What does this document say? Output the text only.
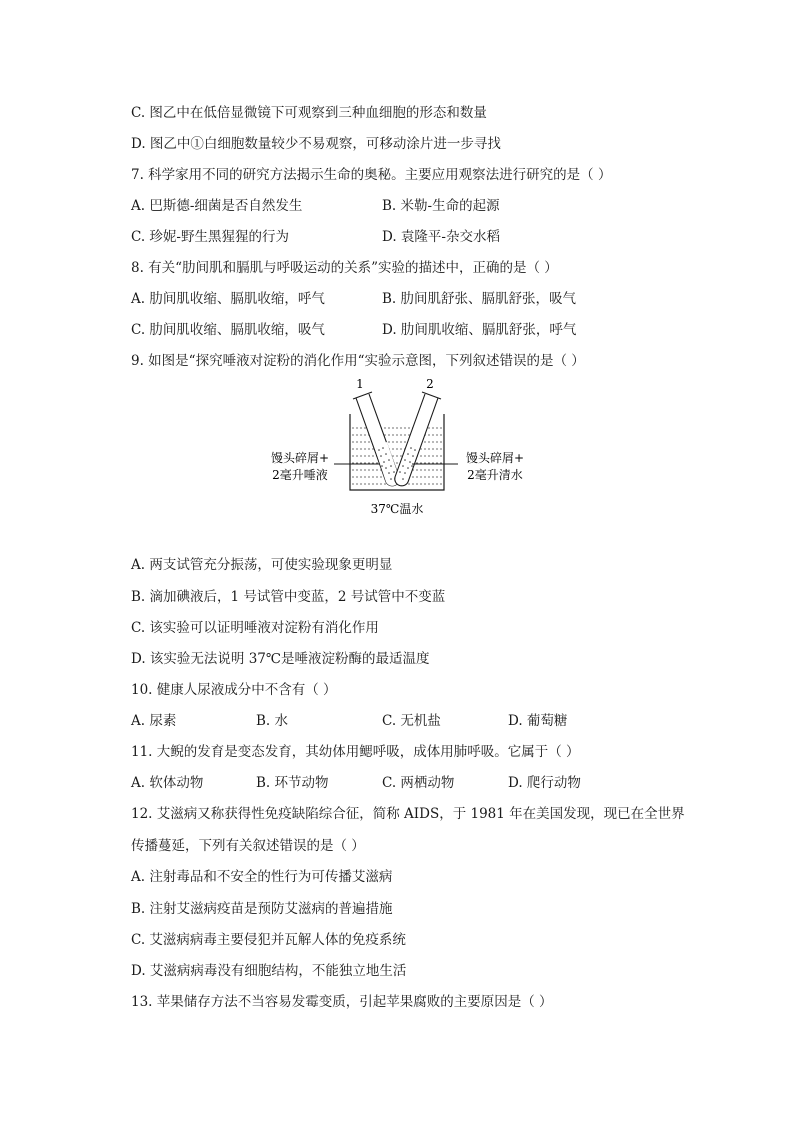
C. 图乙中在低倍显微镜下可观察到三种血细胞的形态和数量
D. 图乙中①白细胞数量较少不易观察，可移动涂片进一步寻找
7. 科学家用不同的研究方法揭示生命的奥秘。主要应用观察法进行研究的是（ ）
A. 巴斯德-细菌是否自然发生	B. 米勒-生命的起源
C. 珍妮-野生黑猩猩的行为	D. 袁隆平-杂交水稻
8. 有关“肋间肌和膈肌与呼吸运动的关系”实验的描述中，正确的是（ ）
A. 肋间肌收缩、膈肌收缩，呼气	B. 肋间肌舒张、膈肌舒张，吸气
C. 肋间肌收缩、膈肌收缩，吸气	D. 肋间肌收缩、膈肌舒张，呼气
9. 如图是“探究唾液对淀粉的消化作用“实验示意图，下列叙述错误的是（ ）
1	2
馒头碎屑+
2毫升唾液
馒头碎屑+
2毫升清水
37℃温水
A. 两支试管充分振荡，可使实验现象更明显
B. 滴加碘液后，1 号试管中变蓝，2 号试管中不变蓝
C. 该实验可以证明唾液对淀粉有消化作用
D. 该实验无法说明 37℃是唾液淀粉酶的最适温度
10. 健康人尿液成分中不含有（ ）
A. 尿素	B. 水	C. 无机盐	D. 葡萄糖
11. 大鲵的发育是变态发育，其幼体用鳃呼吸，成体用肺呼吸。它属于（ ）
A. 软体动物	B. 环节动物	C. 两栖动物	D. 爬行动物
12. 艾滋病又称获得性免疫缺陷综合征，简称 AIDS，于 1981 年在美国发现，现已在全世界
传播蔓延，下列有关叙述错误的是（ ）
A. 注射毒品和不安全的性行为可传播艾滋病
B. 注射艾滋病疫苗是预防艾滋病的普遍措施
C. 艾滋病病毒主要侵犯并瓦解人体的免疫系统
D. 艾滋病病毒没有细胞结构，不能独立地生活
13. 苹果储存方法不当容易发霉变质，引起苹果腐败的主要原因是（ ）
